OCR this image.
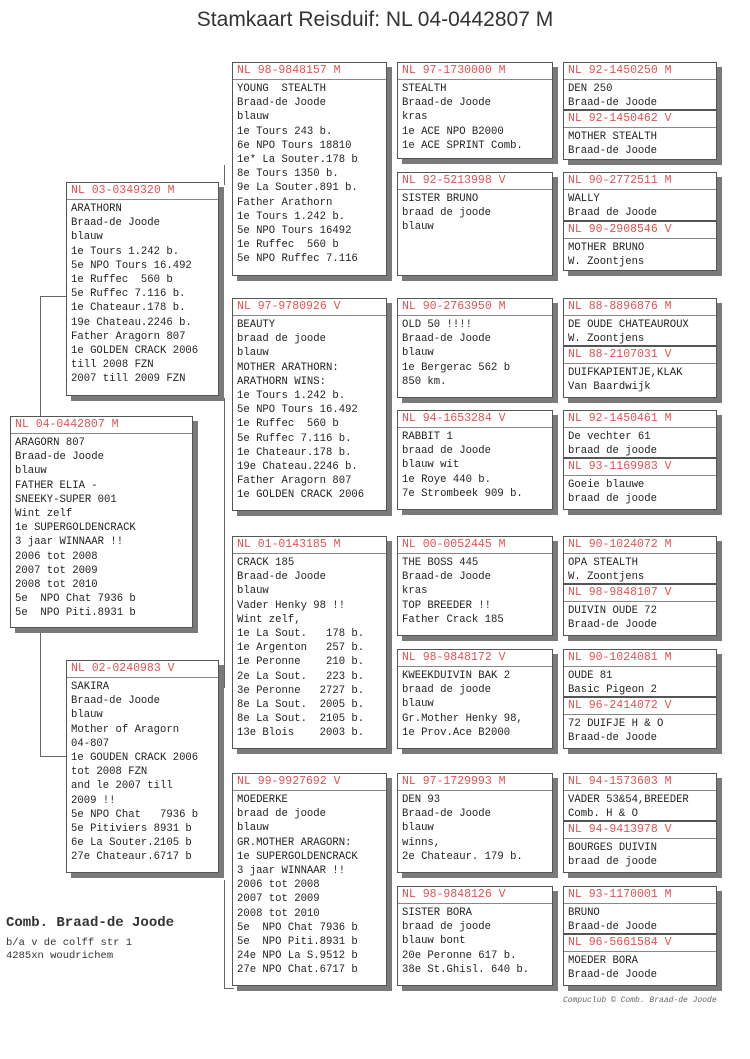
Stamkaart Reisduif: NL 04-0442807 M
NL 04-0442807 M
ARAGORN 807
Braad-de Joode
blauw
FATHER ELIA -
SNEEKY-SUPER 001
Wint zelf
1e SUPERGOLDENCRACK
3 jaar WINNAAR !!
2006 tot 2008
2007 tot 2009
2008 tot 2010
5e  NPO Chat 7936 b
5e  NPO Piti.8931 b
NL 03-0349320 M
ARATHORN
Braad-de Joode
blauw
1e Tours 1.242 b.
5e NPO Tours 16.492
1e Ruffec  560 b
5e Ruffec 7.116 b.
1e Chateaur.178 b.
19e Chateau.2246 b.
Father Aragorn 807
1e GOLDEN CRACK 2006
till 2008 FZN
2007 till 2009 FZN
NL 02-0240983 V
SAKIRA
Braad-de Joode
blauw
Mother of Aragorn
04-807
1e GOUDEN CRACK 2006
tot 2008 FZN
and le 2007 till
2009 !!
5e NPO Chat   7936 b
5e Pitiviers 8931 b
6e La Souter.2105 b
27e Chateaur.6717 b
NL 98-9848157 M
YOUNG  STEALTH
Braad-de Joode
blauw
1e Tours 243 b.
6e NPO Tours 18810
1e* La Souter.178 b
8e Tours 1350 b.
9e La Souter.891 b.
Father Arathorn
1e Tours 1.242 b.
5e NPO Tours 16492
1e Ruffec  560 b
5e NPO Ruffec 7.116
NL 97-9780926 V
BEAUTY
braad de joode
blauw
MOTHER ARATHORN:
ARATHORN WINS:
1e Tours 1.242 b.
5e NPO Tours 16.492
1e Ruffec  560 b
5e Ruffec 7.116 b.
1e Chateaur.178 b.
19e Chateau.2246 b.
Father Aragorn 807
1e GOLDEN CRACK 2006
NL 01-0143185 M
CRACK 185
Braad-de Joode
blauw
Vader Henky 98 !!
Wint zelf,
1e La Sout.   178 b.
1e Argenton   257 b.
1e Peronne    210 b.
2e La Sout.   223 b.
3e Peronne   2727 b.
8e La Sout.  2005 b.
8e La Sout.  2105 b.
13e Blois    2003 b.
NL 99-9927692 V
MOEDERKE
braad de joode
blauw
GR.MOTHER ARAGORN:
1e SUPERGOLDENCRACK
3 jaar WINNAAR !!
2006 tot 2008
2007 tot 2009
2008 tot 2010
5e  NPO Chat 7936 b
5e  NPO Piti.8931 b
24e NPO La S.9512 b
27e NPO Chat.6717 b
NL 97-1730000 M
STEALTH
Braad-de Joode
kras
1e ACE NPO B2000
1e ACE SPRINT Comb.
NL 92-5213998 V
SISTER BRUNO
braad de joode
blauw
NL 90-2763950 M
OLD 50 !!!!
Braad-de Joode
blauw
1e Bergerac 562 b
850 km.
NL 94-1653284 V
RABBIT 1
braad de Joode
blauw wit
1e Roye 440 b.
7e Strombeek 909 b.
NL 00-0052445 M
THE BOSS 445
Braad-de Joode
kras
TOP BREEDER !!
Father Crack 185
NL 98-9848172 V
KWEEKDUIVIN BAK 2
braad de joode
blauw
Gr.Mother Henky 98,
1e Prov.Ace B2000
NL 97-1729993 M
DEN 93
Braad-de Joode
blauw
winns,
2e Chateaur. 179 b.
NL 98-9848126 V
SISTER BORA
braad de joode
blauw bont
20e Peronne 617 b.
38e St.Ghisl. 640 b.
NL 92-1450250 M
DEN 250
Braad-de Joode
NL 92-1450462 V
MOTHER STEALTH
Braad-de Joode
NL 90-2772511 M
WALLY
Braad de Joode
NL 90-2908546 V
MOTHER BRUNO
W. Zoontjens
NL 88-8896876 M
DE OUDE CHATEAUROUX
W. Zoontjens
NL 88-2107031 V
DUIFKAPIENTJE,KLAK
Van Baardwijk
NL 92-1450461 M
De vechter 61
braad de joode
NL 93-1169983 V
Goeie blauwe
braad de joode
NL 90-1024072 M
OPA STEALTH
W. Zoontjens
NL 98-9848107 V
DUIVIN OUDE 72
Braad-de Joode
NL 90-1024081 M
OUDE 81
Basic Pigeon 2
NL 96-2414072 V
72 DUIFJE H & O
Braad-de Joode
NL 94-1573603 M
VADER 53&54,BREEDER
Comb. H & O
NL 94-9413978 V
BOURGES DUIVIN
braad de joode
NL 93-1170001 M
BRUNO
Braad-de Joode
NL 96-5661584 V
MOEDER BORA
Braad-de Joode
Comb. Braad-de Joode
b/a v de colff str 1
4285xn woudrichem
Compuclub © Comb. Braad-de Joode
